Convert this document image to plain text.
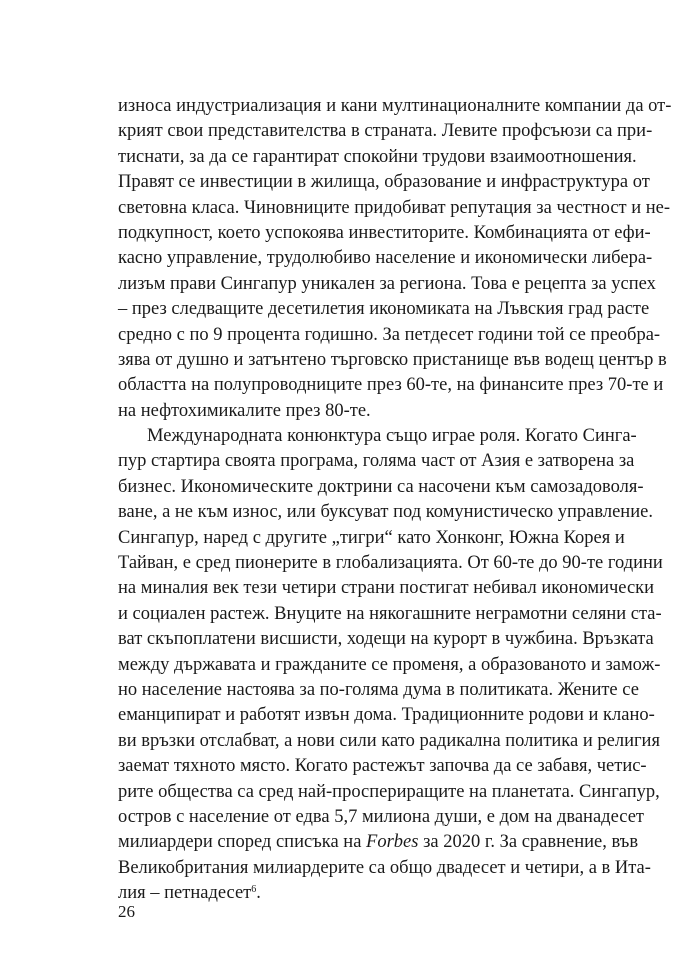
износа индустриализация и кани мултинационалните компании да от-
крият свои представителства в страната. Левите профсъюзи са при-
тиснати, за да се гарантират спокойни трудови взаимоотношения.
Правят се инвестиции в жилища, образование и инфраструктура от
световна класа. Чиновниците придобиват репутация за честност и не-
подкупност, което успокоява инвеститорите. Комбинацията от ефи-
касно управление, трудолюбиво население и икономически либера-
лизъм прави Сингапур уникален за региона. Това е рецепта за успех
– през следващите десетилетия икономиката на Лъвския град расте
средно с по 9 процента годишно. За петдесет години той се преобра-
зява от душно и затънтено търговско пристанище във водещ център в
областта на полупроводниците през 60-те, на финансите през 70-те и
на нефтохимикалите през 80-те.
Международната конюнктура също играе роля. Когато Синга-
пур стартира своята програма, голяма част от Азия е затворена за
бизнес. Икономическите доктрини са насочени към самозадоволя-
ване, а не към износ, или буксуват под комунистическо управление.
Сингапур, наред с другите „тигри“ като Хонконг, Южна Корея и
Тайван, е сред пионерите в глобализацията. От 60-те до 90-те години
на миналия век тези четири страни постигат небивал икономически
и социален растеж. Внуците на някогашните неграмотни селяни ста-
ват скъпоплатени висшисти, ходещи на курорт в чужбина. Връзката
между държавата и гражданите се променя, а образованото и замож-
но население настоява за по-голяма дума в политиката. Жените се
еманципират и работят извън дома. Традиционните родови и клано-
ви връзки отслабват, а нови сили като радикална политика и религия
заемат тяхното място. Когато растежът започва да се забавя, четис-
рите общества са сред най-проспериращите на планетата. Сингапур,
остров с население от едва 5,7 милиона души, е дом на дванадесет
милиардери според списъка на Forbes за 2020 г. За сравнение, във
Великобритания милиардерите са общо двадесет и четири, а в Ита-
лия – петнадесет$^6$.
26
